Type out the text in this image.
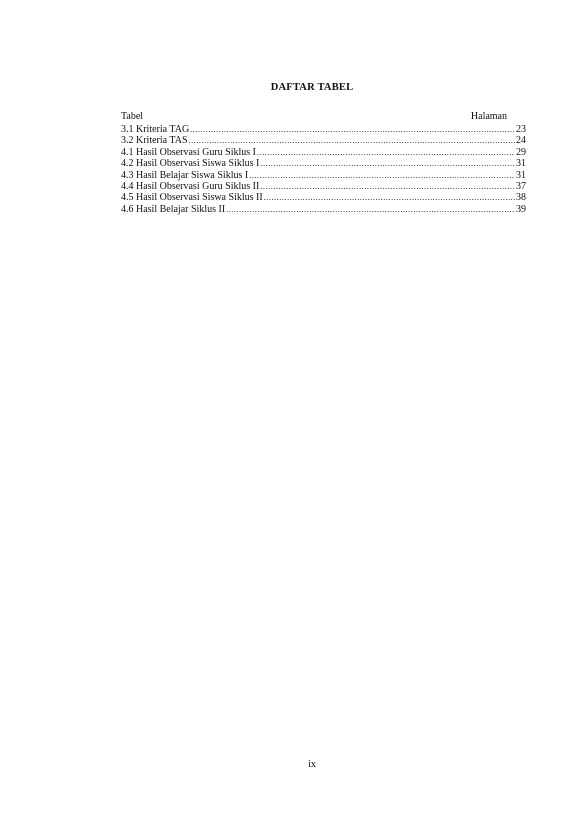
DAFTAR TABEL
Tabel	Halaman
3.1 Kriteria TAG .....	23
3.2 Kriteria TAS .....	24
4.1 Hasil Observasi Guru Siklus I .....	29
4.2 Hasil Observasi Siswa Siklus I .....	31
4.3 Hasil Belajar Siswa Siklus I .....	31
4.4 Hasil Observasi Guru Siklus II .....	37
4.5 Hasil Observasi Siswa Siklus II .....	38
4.6 Hasil Belajar Siklus II .....	39
ix
